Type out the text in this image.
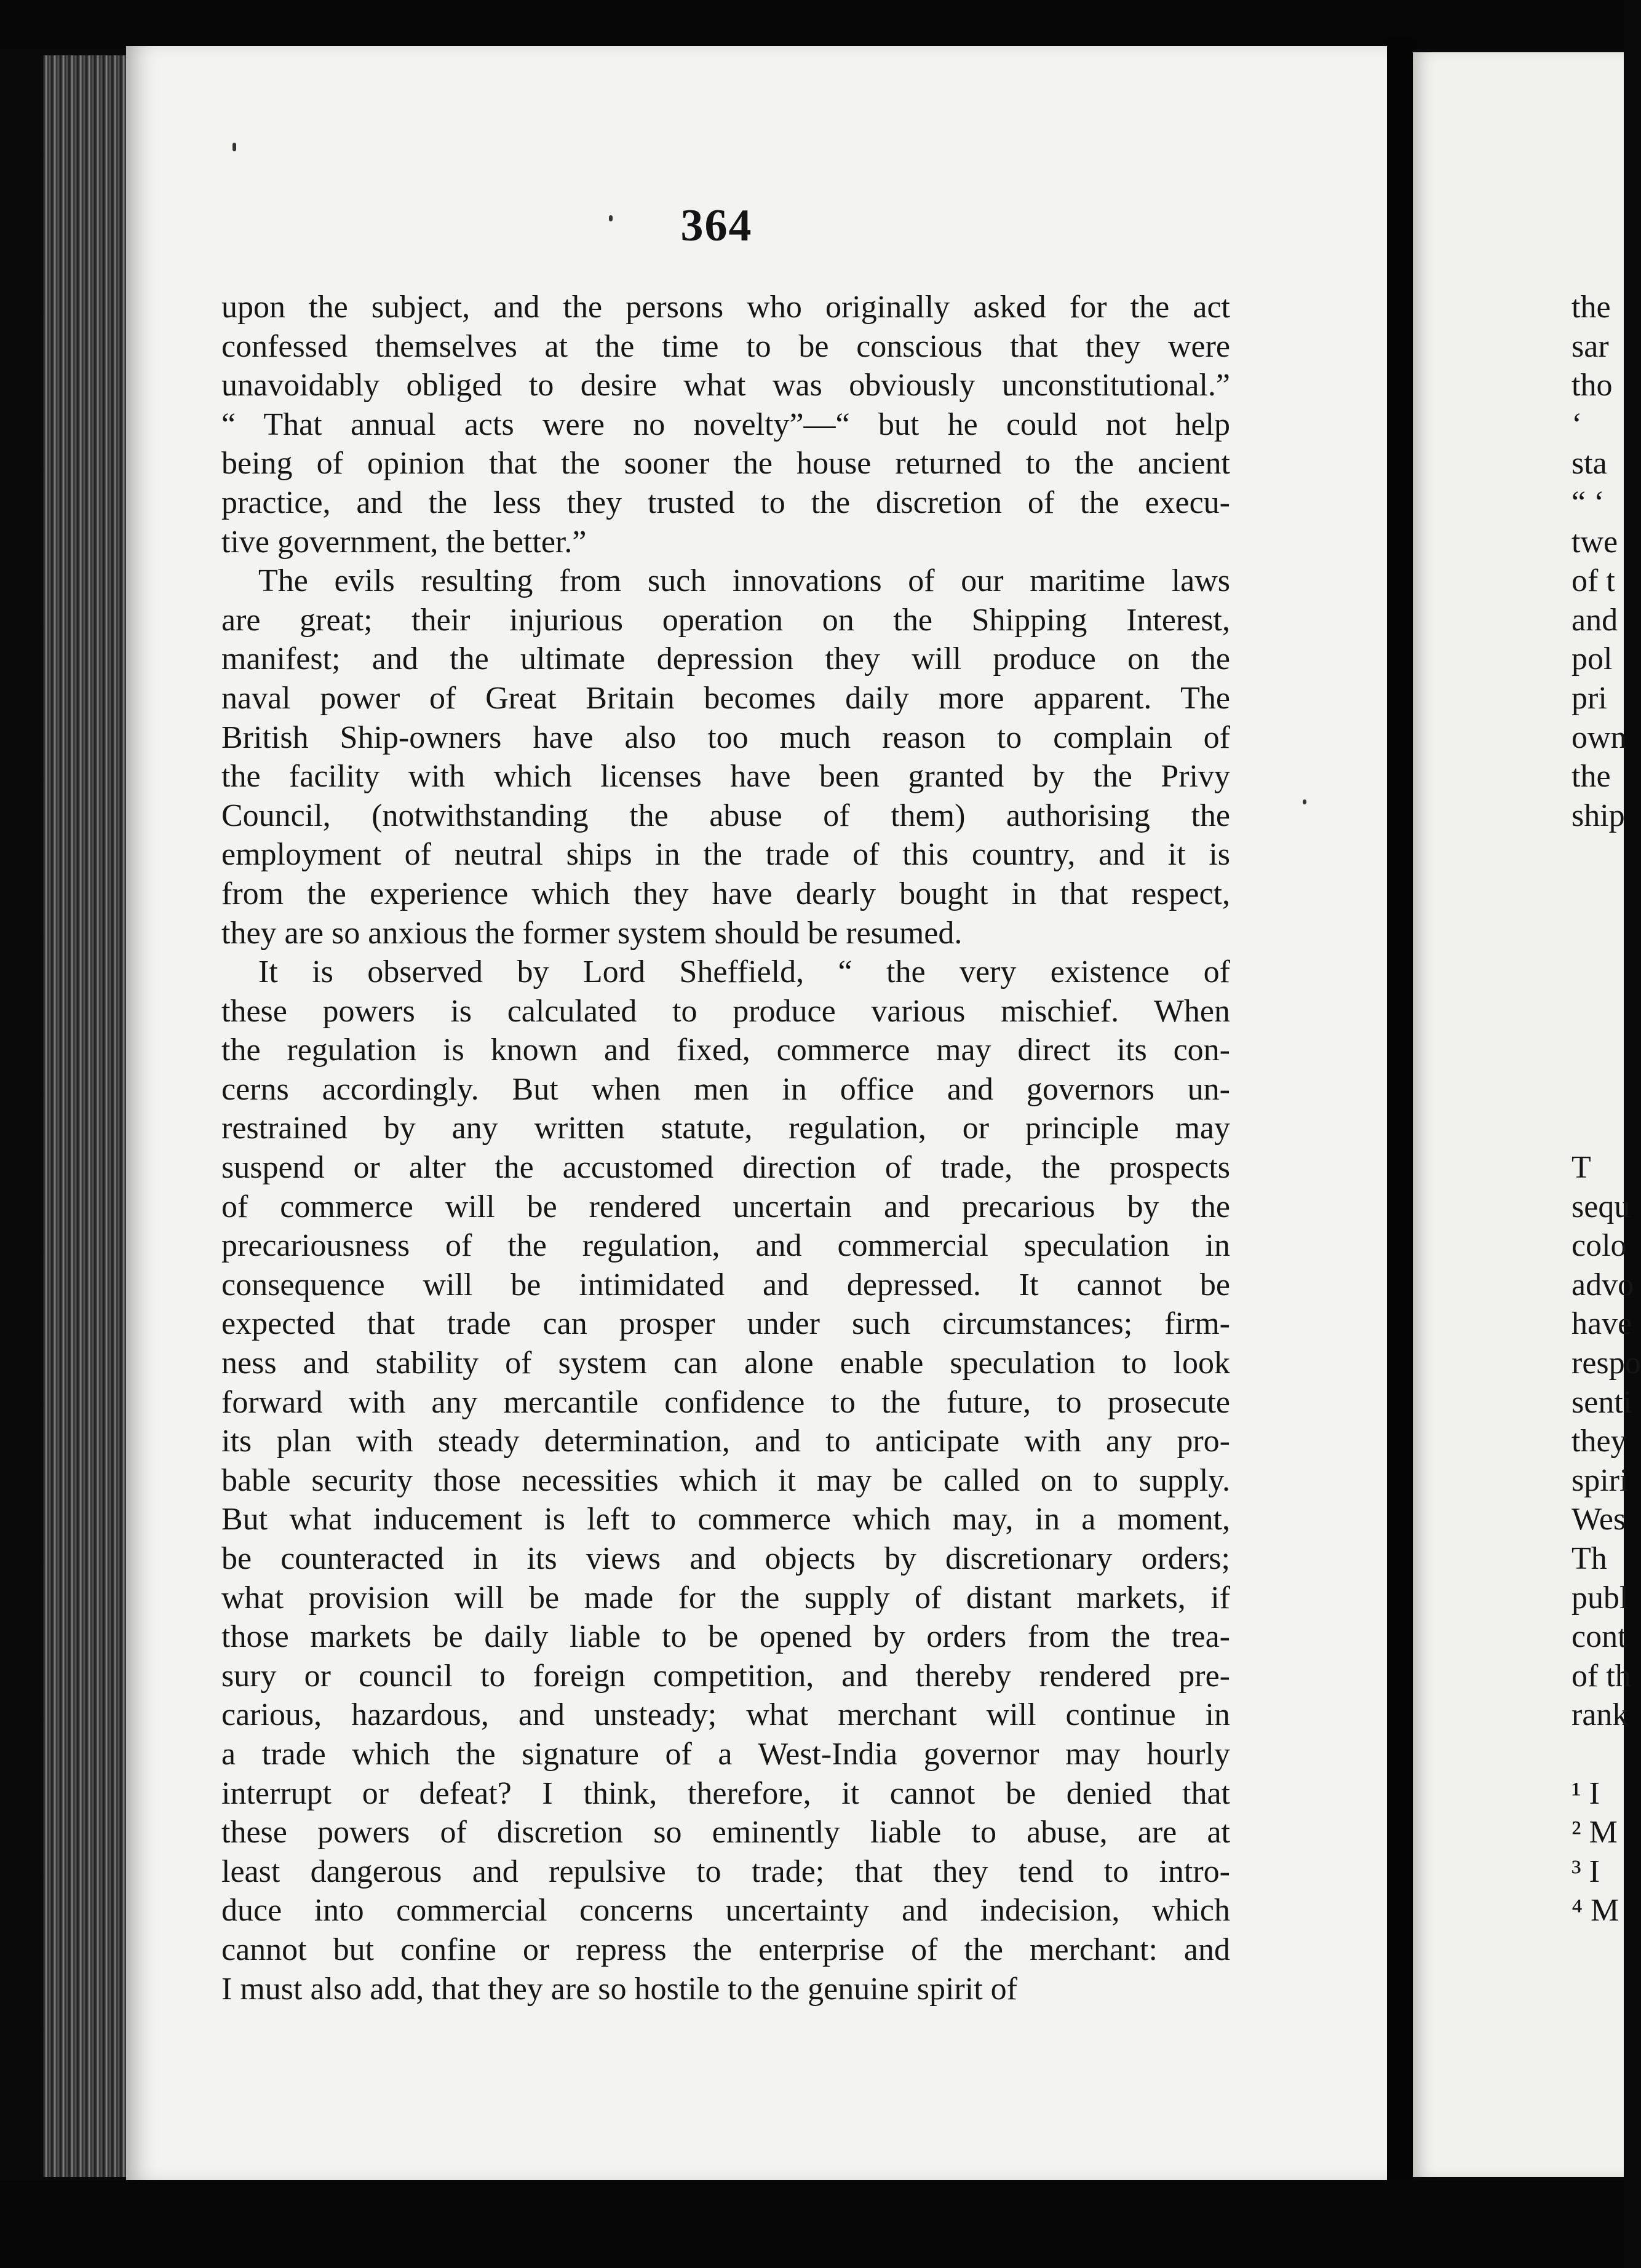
364
upon the subject, and the persons who originally asked for the act
confessed themselves at the time to be conscious that they were
unavoidably obliged to desire what was obviously unconstitutional.”
“ That annual acts were no novelty”—“ but he could not help
being of opinion that the sooner the house returned to the ancient
practice, and the less they trusted to the discretion of the execu-
tive government, the better.”
The evils resulting from such innovations of our maritime laws
are great; their injurious operation on the Shipping Interest,
manifest; and the ultimate depression they will produce on the
naval power of Great Britain becomes daily more apparent. The
British Ship-owners have also too much reason to complain of
the facility with which licenses have been granted by the Privy
Council, (notwithstanding the abuse of them) authorising the
employment of neutral ships in the trade of this country, and it is
from the experience which they have dearly bought in that respect,
they are so anxious the former system should be resumed.
It is observed by Lord Sheffield, “ the very existence of
these powers is calculated to produce various mischief. When
the regulation is known and fixed, commerce may direct its con-
cerns accordingly. But when men in office and governors un-
restrained by any written statute, regulation, or principle may
suspend or alter the accustomed direction of trade, the prospects
of commerce will be rendered uncertain and precarious by the
precariousness of the regulation, and commercial speculation in
consequence will be intimidated and depressed. It cannot be
expected that trade can prosper under such circumstances; firm-
ness and stability of system can alone enable speculation to look
forward with any mercantile confidence to the future, to prosecute
its plan with steady determination, and to anticipate with any pro-
bable security those necessities which it may be called on to supply.
But what inducement is left to commerce which may, in a moment,
be counteracted in its views and objects by discretionary orders;
what provision will be made for the supply of distant markets, if
those markets be daily liable to be opened by orders from the trea-
sury or council to foreign competition, and thereby rendered pre-
carious, hazardous, and unsteady; what merchant will continue in
a trade which the signature of a West-India governor may hourly
interrupt or defeat? I think, therefore, it cannot be denied that
these powers of discretion so eminently liable to abuse, are at
least dangerous and repulsive to trade; that they tend to intro-
duce into commercial concerns uncertainty and indecision, which
cannot but confine or repress the enterprise of the merchant: and
I must also add, that they are so hostile to the genuine spirit of
the
sar
tho
‘
sta
“ ‘
twe
of t
and
pol
pri
own
the
ship
T
sequ
colo
advo
have
respo
senti
they
spiri
Wes
Th
publ
cont
of th
rank
¹ I
² M
³ I
⁴ M
